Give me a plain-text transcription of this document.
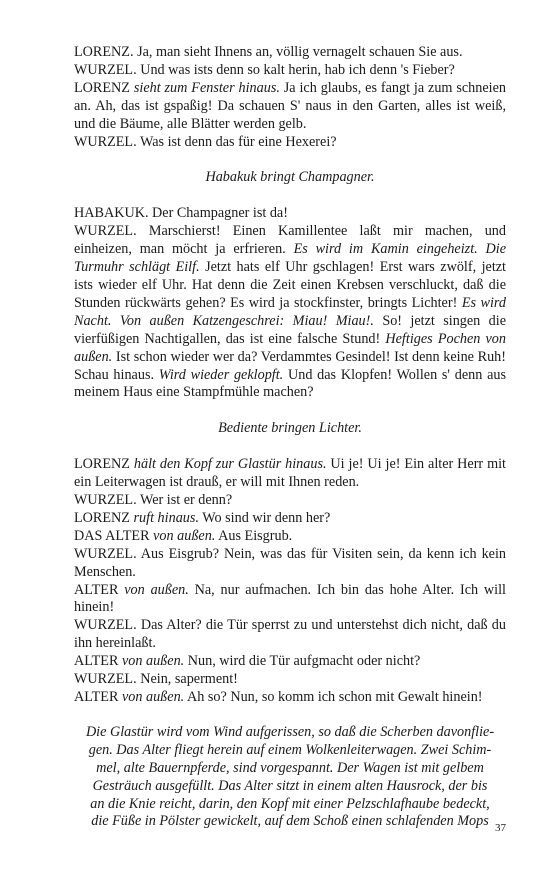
LORENZ. Ja, man sieht Ihnens an, völlig vernagelt schauen Sie aus.

WURZEL. Und was ists denn so kalt herin, hab ich denn 's Fieber?

LORENZ sieht zum Fenster hinaus. Ja ich glaubs, es fangt ja zum schneien an. Ah, das ist gspaßig! Da schauen S' naus in den Garten, alles ist weiß, und die Bäume, alle Blätter werden gelb.

WURZEL. Was ist denn das für eine Hexerei?

Habakuk bringt Champagner.

HABAKUK. Der Champagner ist da!

WURZEL. Marschierst! Einen Kamillentee laßt mir machen, und einheizen, man möcht ja erfrieren. Es wird im Kamin eingeheizt. Die Turmuhr schlägt Eilf. Jetzt hats elf Uhr gschlagen! Erst wars zwölf, jetzt ists wieder elf Uhr. Hat denn die Zeit einen Krebsen verschluckt, daß die Stunden rückwärts gehen? Es wird ja stockfinster, bringts Lichter! Es wird Nacht. Von außen Katzengeschrei: Miau! Miau!. So! jetzt singen die vierfüßigen Nachtigallen, das ist eine falsche Stund! Heftiges Pochen von außen. Ist schon wieder wer da? Verdammtes Gesindel! Ist denn keine Ruh! Schau hinaus. Wird wieder geklopft. Und das Klopfen! Wollen s' denn aus meinem Haus eine Stampfmühle machen?

Bediente bringen Lichter.

LORENZ hält den Kopf zur Glastür hinaus. Ui je! Ui je! Ein alter Herr mit ein Leiterwagen ist drauß, er will mit Ihnen reden.

WURZEL. Wer ist er denn?

LORENZ ruft hinaus. Wo sind wir denn her?

DAS ALTER von außen. Aus Eisgrub.

WURZEL. Aus Eisgrub? Nein, was das für Visiten sein, da kenn ich kein Menschen.

ALTER von außen. Na, nur aufmachen. Ich bin das hohe Alter. Ich will hinein!

WURZEL. Das Alter? die Tür sperrst zu und unterstehst dich nicht, daß du ihn hereinlaßt.

ALTER von außen. Nun, wird die Tür aufgmacht oder nicht?

WURZEL. Nein, saperment!

ALTER von außen. Ah so? Nun, so komm ich schon mit Gewalt hinein!

Die Glastür wird vom Wind aufgerissen, so daß die Scherben davonflie-

gen. Das Alter fliegt herein auf einem Wolkenleiterwagen. Zwei Schim-

mel, alte Bauernpferde, sind vorgespannt. Der Wagen ist mit gelbem

Gesträuch ausgefüllt. Das Alter sitzt in einem alten Hausrock, der bis

an die Knie reicht, darin, den Kopf mit einer Pelzschlafhaube bedeckt,

die Füße in Pölster gewickelt, auf dem Schoß einen schlafenden Mops 37
